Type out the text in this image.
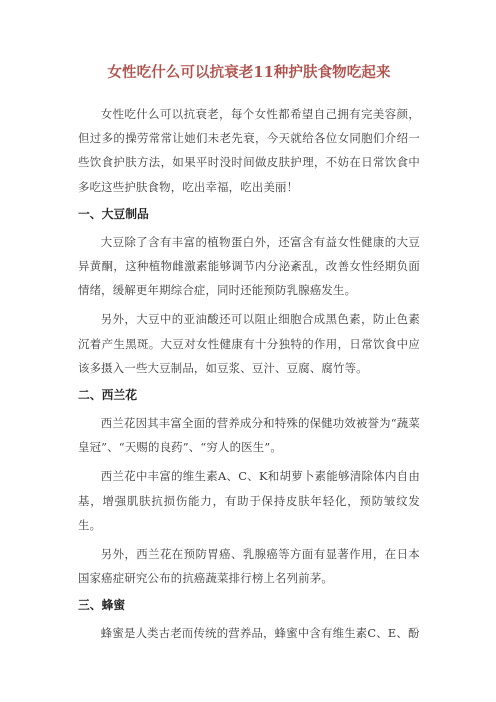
女性吃什么可以抗衰老11种护肤食物吃起来

女性吃什么可以抗衰老，每个女性都希望自己拥有完美容颜，但过多的操劳常常让她们未老先衰，今天就给各位女同胞们介绍一些饮食护肤方法，如果平时没时间做皮肤护理，不妨在日常饮食中多吃这些护肤食物，吃出幸福，吃出美丽！

一、大豆制品

大豆除了含有丰富的植物蛋白外，还富含有益女性健康的大豆异黄酮，这种植物雌激素能够调节内分泌紊乱，改善女性经期负面情绪，缓解更年期综合症，同时还能预防乳腺癌发生。

另外，大豆中的亚油酸还可以阻止细胞合成黑色素，防止色素沉着产生黑斑。大豆对女性健康有十分独特的作用，日常饮食中应该多摄入一些大豆制品，如豆浆、豆汁、豆腐、腐竹等。

二、西兰花

西兰花因其丰富全面的营养成分和特殊的保健功效被誉为“蔬菜皇冠”、“天赐的良药”、“穷人的医生”。

西兰花中丰富的维生素A、C、K和胡萝卜素能够清除体内自由基，增强肌肤抗损伤能力，有助于保持皮肤年轻化，预防皱纹发生。

另外，西兰花在预防胃癌、乳腺癌等方面有显著作用，在日本国家癌症研究公布的抗癌蔬菜排行榜上名列前茅。

三、蜂蜜

蜂蜜是人类古老而传统的营养品，蜂蜜中含有维生素C、E、酚
